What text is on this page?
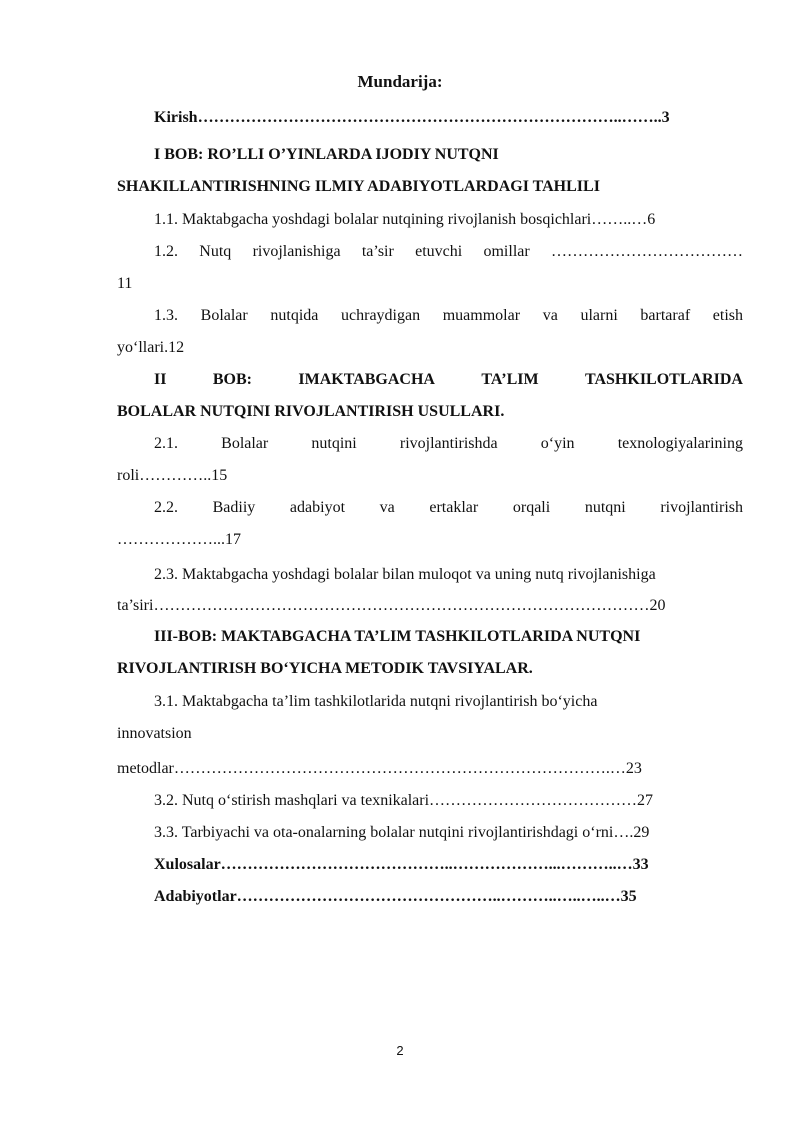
Mundarija:
Kirish……………………………………………………………………..……..3
I BOB: RO’LLI O’YINLARDA IJODIY NUTQNI
SHAKILLANTIRISHNING ILMIY ADABIYOTLARDAGI TAHLILI
1.1. Maktabgacha yoshdagi bolalar nutqining rivojlanish bosqichlari……..…6
1.2. Nutq rivojlanishiga ta’sir etuvchi omillar ………………………………
11
1.3. Bolalar nutqida uchraydigan muammolar va ularni bartaraf etish
yo‘llari.12
II	BOB:	IMAKTABGACHA	TA’LIM	TASHKILOTLARIDA
BOLALAR NUTQINI RIVOJLANTIRISH USULLARI.
2.1.	Bolalar	nutqini	rivojlantirishda	o‘yin	texnologiyalarining
roli…………..15
2.2. Badiiy adabiyot va ertaklar orqali nutqni rivojlantirish
………………...17
2.3. Maktabgacha yoshdagi bolalar bilan muloqot va uning nutq rivojlanishiga
ta’siri…………………………………………………………………………………20
III-BOB: MAKTABGACHA TA’LIM TASHKILOTLARIDA NUTQNI
RIVOJLANTIRISH BO‘YICHA METODIK TAVSIYALAR.
3.1. Maktabgacha ta’lim tashkilotlarida nutqni rivojlantirish bo‘yicha
innovatsion
metodlar……………………………………………………………………….…23
3.2. Nutq o‘stirish mashqlari va texnikalari…………………………………27
3.3. Tarbiyachi va ota-onalarning bolalar nutqini rivojlantirishdagi o‘rni….29
Xulosalar……………………………………..………………...………..…33
Adabiyotlar…………………………………………..………..…..…..…35
2
